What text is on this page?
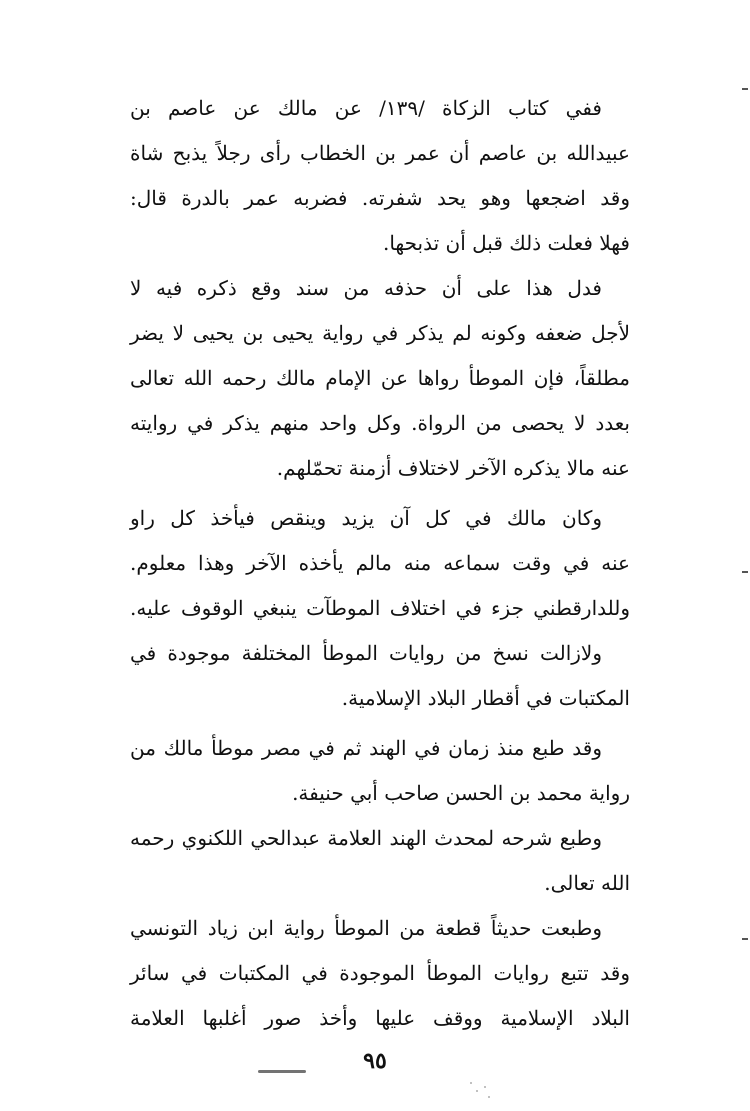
ففي كتاب الزكاة /١٣٩/ عن مالك عن عاصم بن
عبيدالله بن عاصم أن عمر بن الخطاب رأى رجلاً يذبح شاة
وقد اضجعها وهو يحد شفرته. فضربه عمر بالدرة قال:
فهلا فعلت ذلك قبل أن تذبحها.
فدل هذا على أن حذفه من سند وقع ذكره فيه لا
لأجل ضعفه وكونه لم يذكر في رواية يحيى بن يحيى لا يضر
مطلقاً، فإن الموطأ رواها عن الإمام مالك رحمه الله تعالى
بعدد لا يحصى من الرواة. وكل واحد منهم يذكر في روايته
عنه مالا يذكره الآخر لاختلاف أزمنة تحمّلهم.
وكان مالك في كل آن يزيد وينقص فيأخذ كل راو
عنه في وقت سماعه منه مالم يأخذه الآخر وهذا معلوم.
وللدارقطني جزء في اختلاف الموطآت ينبغي الوقوف عليه.
ولازالت نسخ من روايات الموطأ المختلفة موجودة في
المكتبات في أقطار البلاد الإسلامية.
وقد طبع منذ زمان في الهند ثم في مصر موطأ مالك من
رواية محمد بن الحسن صاحب أبي حنيفة.
وطبع شرحه لمحدث الهند العلامة عبدالحي اللكنوي رحمه
الله تعالى.
وطبعت حديثاً قطعة من الموطأ رواية ابن زياد التونسي
وقد تتبع روايات الموطأ الموجودة في المكتبات في سائر
البلاد الإسلامية ووقف عليها وأخذ صور أغلبها العلامة
٩٥
